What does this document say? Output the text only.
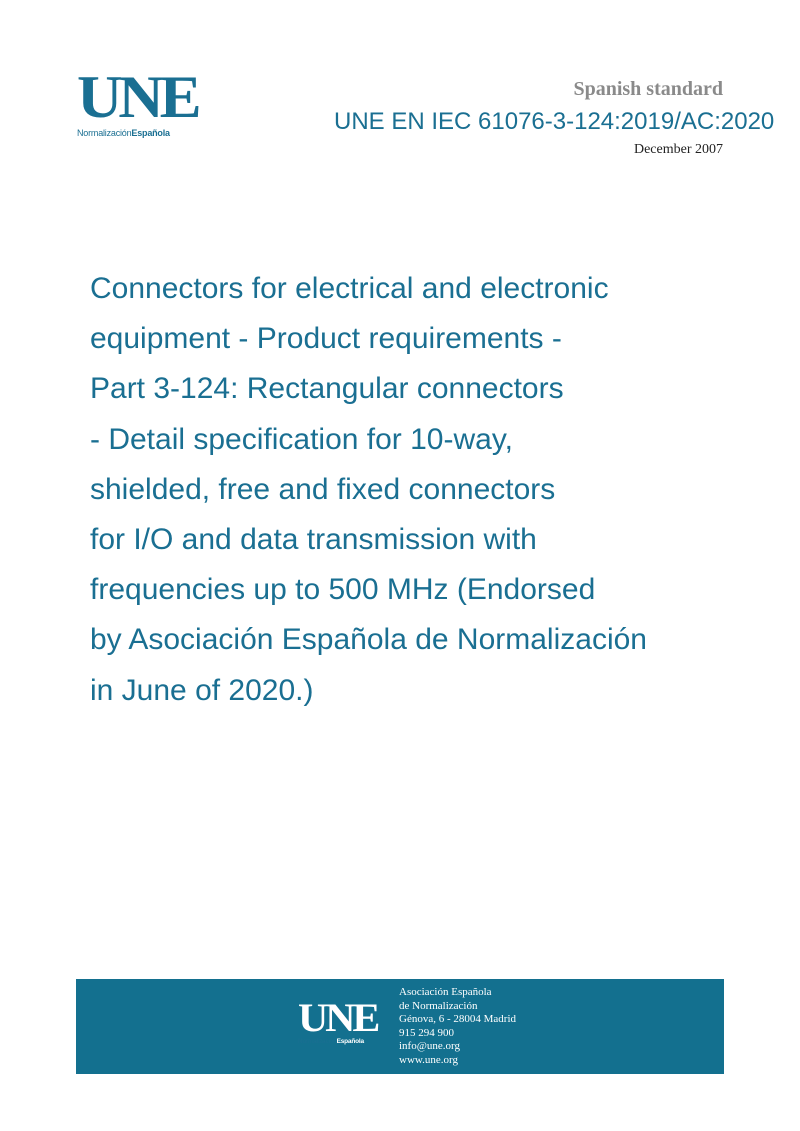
UNE
NormalizaciónEspañola
Spanish standard
UNE EN IEC 61076-3-124:2019/AC:2020
December 2007
Connectors for electrical and electronic
equipment - Product requirements -
Part 3-124: Rectangular connectors
- Detail specification for 10-way,
shielded, free and fixed connectors
for I/O and data transmission with
frequencies up to 500 MHz (Endorsed
by Asociación Española de Normalización
in June of 2020.)
UNE
NormalizaciónEspañola
Asociación Española
de Normalización
Génova, 6 - 28004 Madrid
915 294 900
info@une.org
www.une.org
